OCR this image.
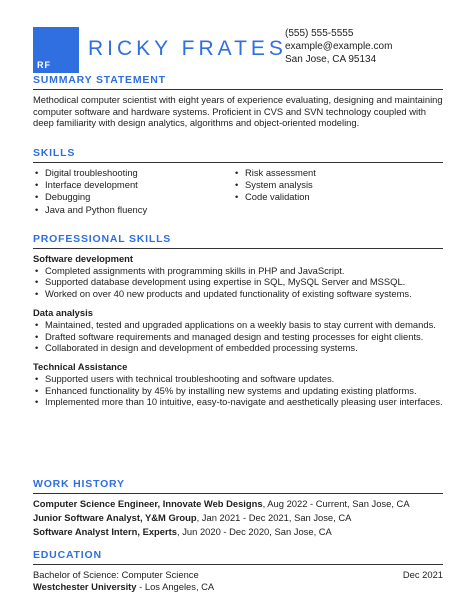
RF
RICKY FRATES
(555) 555-5555
example@example.com
San Jose, CA 95134
SUMMARY STATEMENT
Methodical computer scientist with eight years of experience evaluating, designing and maintaining computer software and hardware systems. Proficient in CVS and SVN technology coupled with deep familiarity with design analytics, algorithms and object-oriented modeling.
SKILLS
• Digital troubleshooting
• Interface development
• Debugging
• Java and Python fluency
• Risk assessment
• System analysis
• Code validation
PROFESSIONAL SKILLS
Software development
• Completed assignments with programming skills in PHP and JavaScript.
• Supported database development using expertise in SQL, MySQL Server and MSSQL.
• Worked on over 40 new products and updated functionality of existing software systems.
Data analysis
• Maintained, tested and upgraded applications on a weekly basis to stay current with demands.
• Drafted software requirements and managed design and testing processes for eight clients.
• Collaborated in design and development of embedded processing systems.
Technical Assistance
• Supported users with technical troubleshooting and software updates.
• Enhanced functionality by 45% by installing new systems and updating existing platforms.
• Implemented more than 10 intuitive, easy-to-navigate and aesthetically pleasing user interfaces.
WORK HISTORY
Computer Science Engineer, Innovate Web Designs, Aug 2022 - Current, San Jose, CA
Junior Software Analyst, Y&M Group, Jan 2021 - Dec 2021, San Jose, CA
Software Analyst Intern, Experts, Jun 2020 - Dec 2020, San Jose, CA
EDUCATION
Bachelor of Science: Computer Science	Dec 2021
Westchester University - Los Angeles, CA
